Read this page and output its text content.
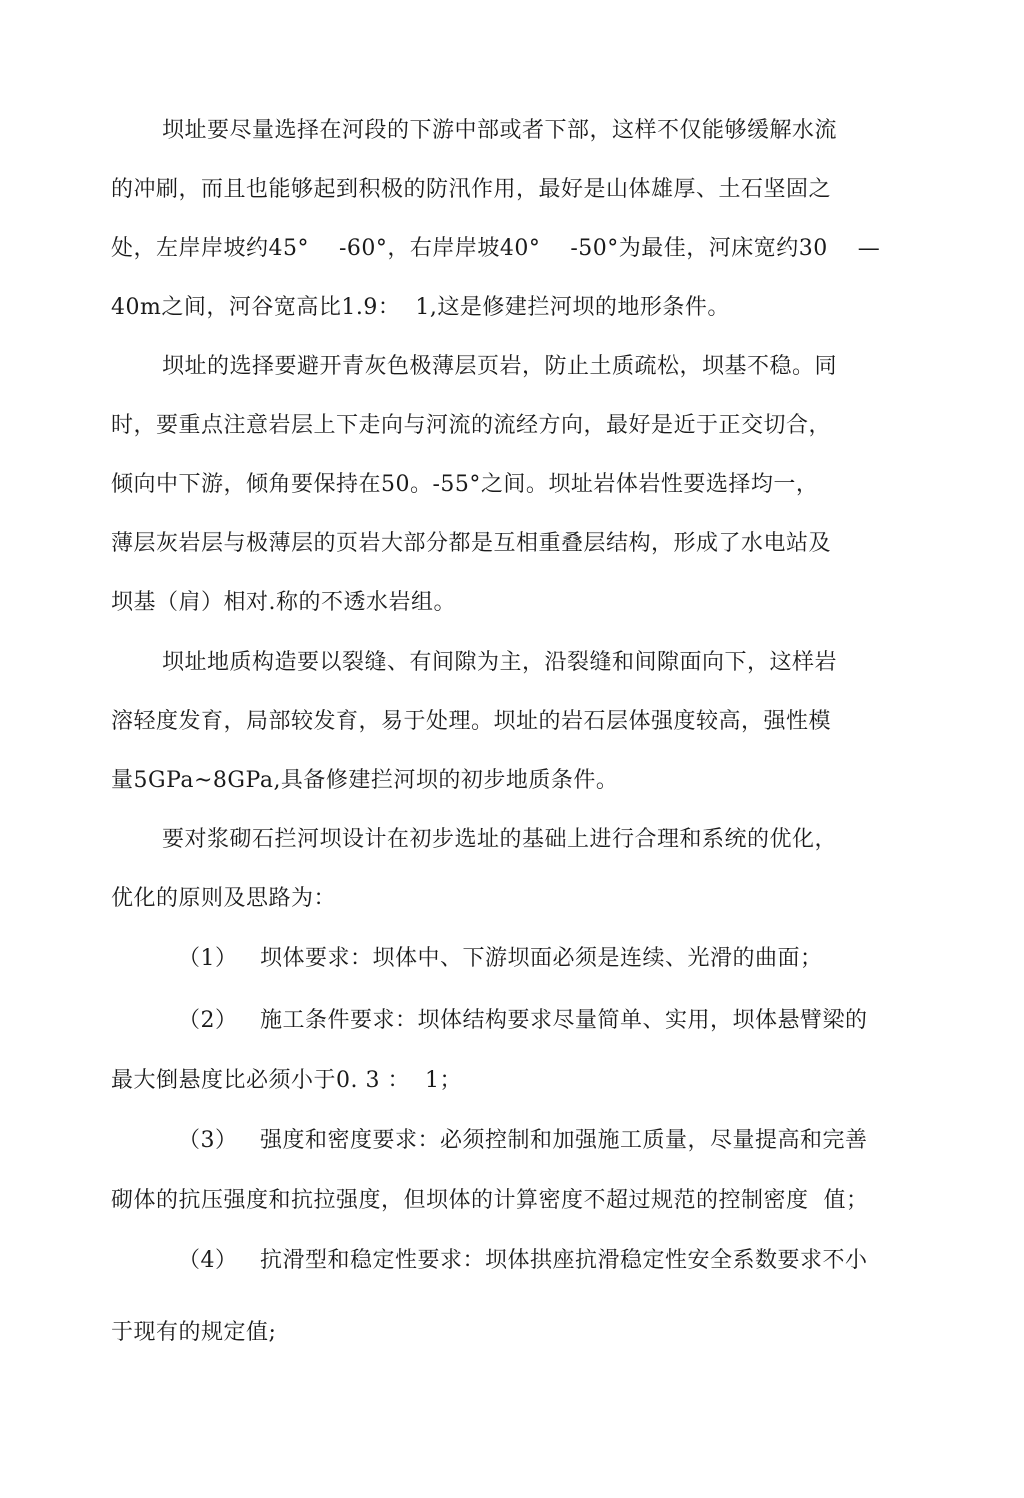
坝址要尽量选择在河段的下游中部或者下部，这样不仅能够缓解水流
的冲刷，而且也能够起到积极的防汛作用，最好是山体雄厚、土石坚固之
处，左岸岸坡约45°    -60°，右岸岸坡40°    -50°为最佳，河床宽约30    —
40m之间，河谷宽高比1.9：  1,这是修建拦河坝的地形条件。
坝址的选择要避开青灰色极薄层页岩，防止土质疏松，坝基不稳。同
时，要重点注意岩层上下走向与河流的流经方向，最好是近于正交切合，
倾向中下游，倾角要保持在50。-55°之间。坝址岩体岩性要选择均一，
薄层灰岩层与极薄层的页岩大部分都是互相重叠层结构，形成了水电站及
坝基（肩）相对.称的不透水岩组。
坝址地质构造要以裂缝、有间隙为主，沿裂缝和间隙面向下，这样岩
溶轻度发育，局部较发育，易于处理。坝址的岩石层体强度较高，强性模
量5GPa~8GPa,具备修建拦河坝的初步地质条件。
要对浆砌石拦河坝设计在初步选址的基础上进行合理和系统的优化，
优化的原则及思路为：
（1）   坝体要求：坝体中、下游坝面必须是连续、光滑的曲面；
（2）   施工条件要求：坝体结构要求尽量简单、实用，坝体悬臂梁的
最大倒悬度比必须小于0. 3 ：  1；
（3）   强度和密度要求：必须控制和加强施工质量，尽量提高和完善
砌体的抗压强度和抗拉强度，但坝体的计算密度不超过规范的控制密度  值；
（4）   抗滑型和稳定性要求：坝体拱座抗滑稳定性安全系数要求不小
于现有的规定值;
